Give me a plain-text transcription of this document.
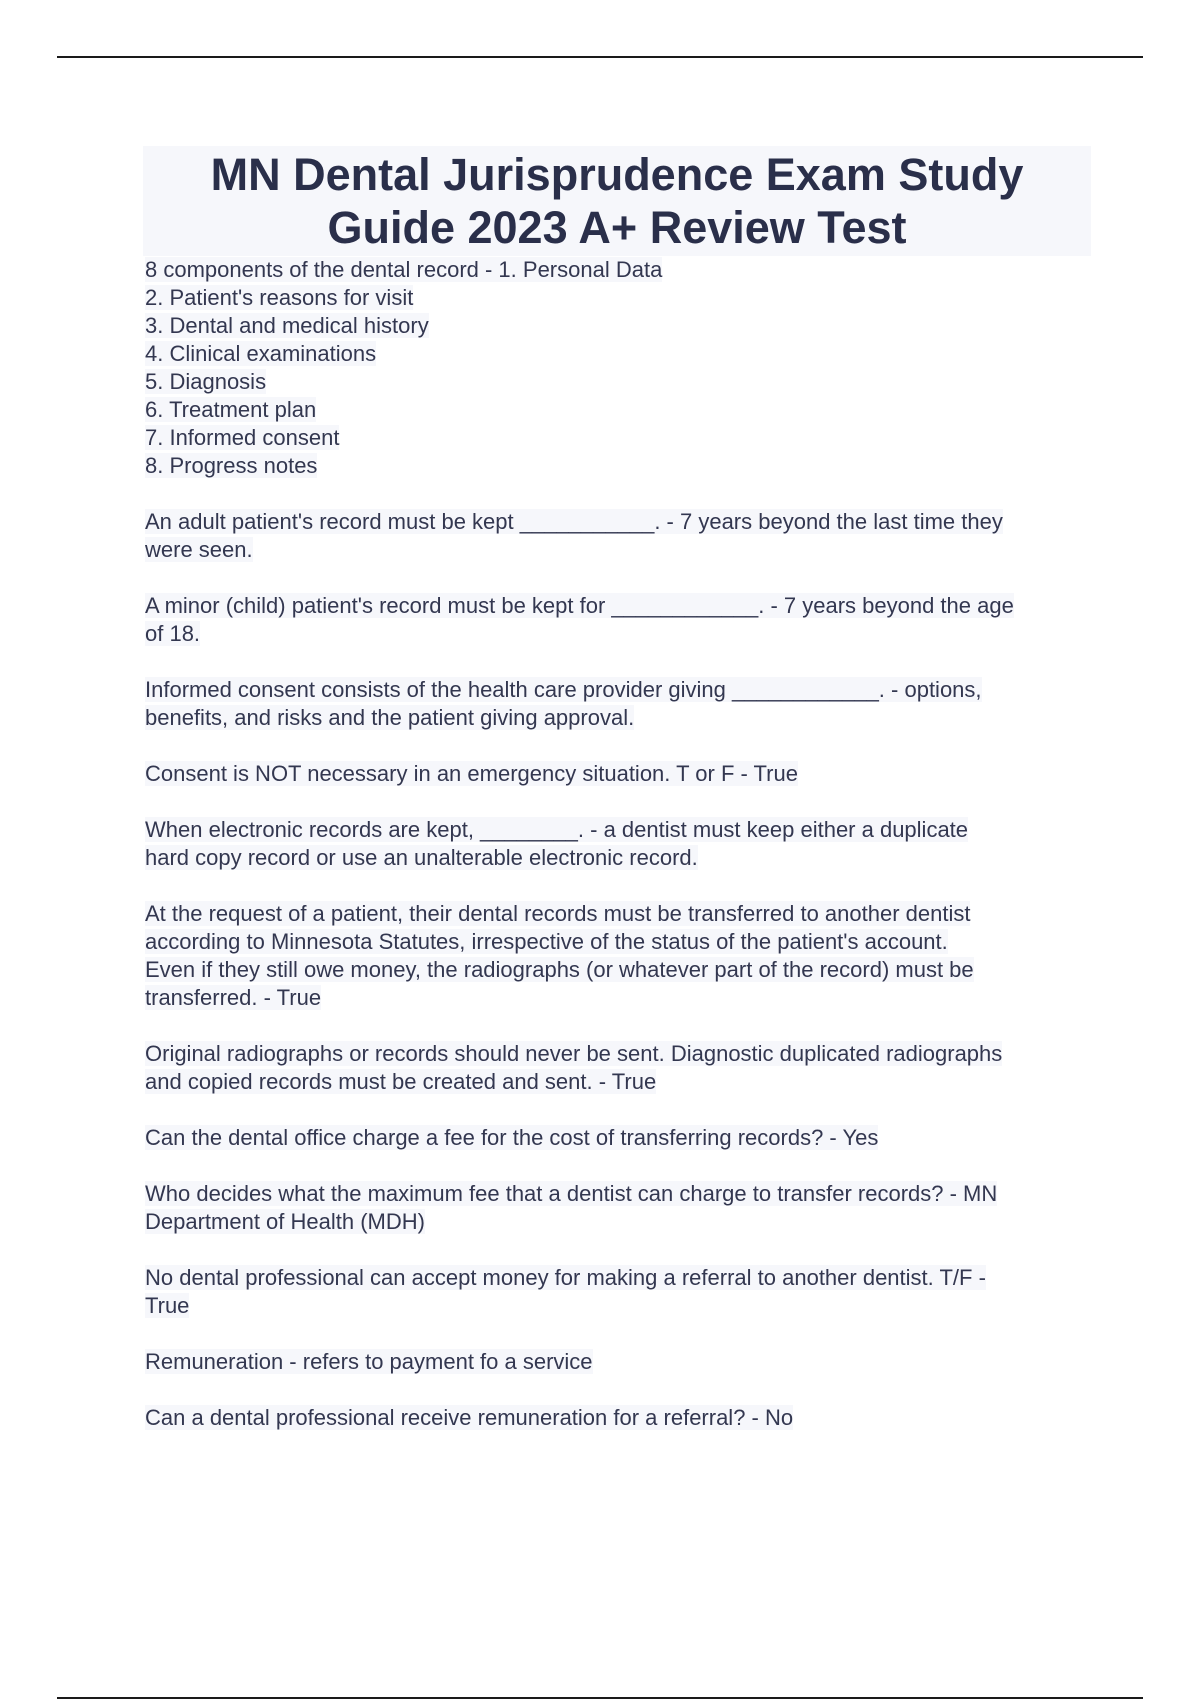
MN Dental Jurisprudence Exam Study Guide 2023 A+ Review Test
8 components of the dental record - 1. Personal Data
2. Patient's reasons for visit
3. Dental and medical history
4. Clinical examinations
5. Diagnosis
6. Treatment plan
7. Informed consent
8. Progress notes
An adult patient's record must be kept ___________. - 7 years beyond the last time they
were seen.
A minor (child) patient's record must be kept for ____________. - 7 years beyond the age
of 18.
Informed consent consists of the health care provider giving ____________. - options,
benefits, and risks and the patient giving approval.
Consent is NOT necessary in an emergency situation. T or F - True
When electronic records are kept, ________. - a dentist must keep either a duplicate
hard copy record or use an unalterable electronic record.
At the request of a patient, their dental records must be transferred to another dentist
according to Minnesota Statutes, irrespective of the status of the patient's account.
Even if they still owe money, the radiographs (or whatever part of the record) must be
transferred. - True
Original radiographs or records should never be sent. Diagnostic duplicated radiographs
and copied records must be created and sent. - True
Can the dental office charge a fee for the cost of transferring records? - Yes
Who decides what the maximum fee that a dentist can charge to transfer records? - MN
Department of Health (MDH)
No dental professional can accept money for making a referral to another dentist. T/F -
True
Remuneration - refers to payment fo a service
Can a dental professional receive remuneration for a referral? - No
